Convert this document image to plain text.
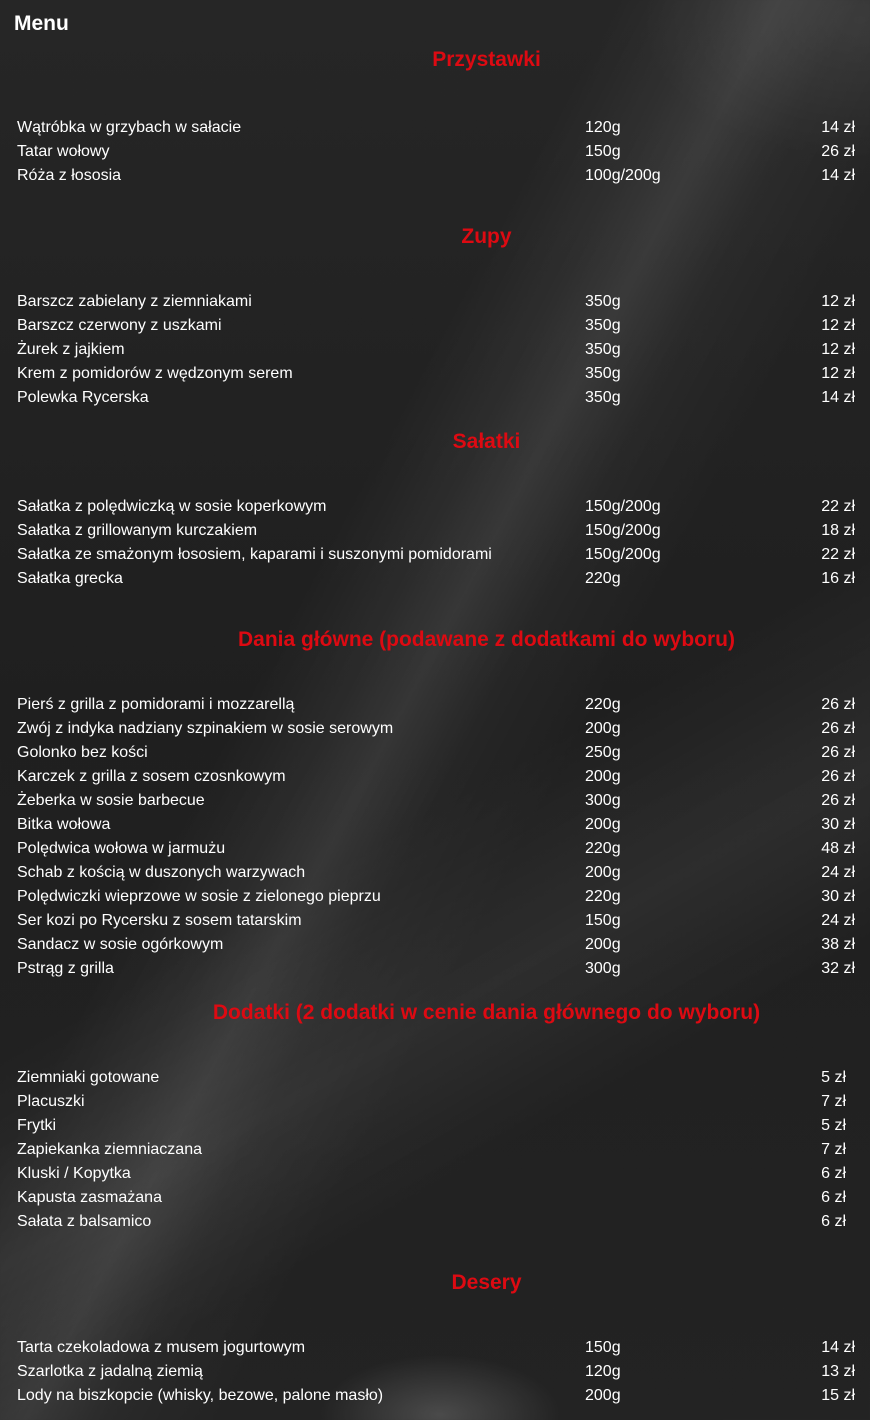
Menu
Przystawki
Wątróbka w grzybach w sałacie	120g	14 zł
Tatar wołowy	150g	26 zł
Róża z łososia	100g/200g	14 zł
Zupy
Barszcz zabielany z ziemniakami	350g	12 zł
Barszcz czerwony z uszkami	350g	12 zł
Żurek z jajkiem	350g	12 zł
Krem z pomidorów z wędzonym serem	350g	12 zł
Polewka Rycerska	350g	14 zł
Sałatki
Sałatka z polędwiczką w sosie koperkowym	150g/200g	22 zł
Sałatka z grillowanym kurczakiem	150g/200g	18 zł
Sałatka ze smażonym łososiem, kaparami i suszonymi pomidorami	150g/200g	22 zł
Sałatka grecka	220g	16 zł
Dania główne (podawane z dodatkami do wyboru)
Pierś z grilla z pomidorami i mozzarellą	220g	26 zł
Zwój z indyka nadziany szpinakiem w sosie serowym	200g	26 zł
Golonko bez kości	250g	26 zł
Karczek z grilla z sosem czosnkowym	200g	26 zł
Żeberka w sosie barbecue	300g	26 zł
Bitka wołowa	200g	30 zł
Polędwica wołowa w jarmużu	220g	48 zł
Schab z kością w duszonych warzywach	200g	24 zł
Polędwiczki wieprzowe w sosie z zielonego pieprzu	220g	30 zł
Ser kozi po Rycersku z sosem tatarskim	150g	24 zł
Sandacz w sosie ogórkowym	200g	38 zł
Pstrąg z grilla	300g	32 zł
Dodatki (2 dodatki w cenie dania głównego do wyboru)
Ziemniaki gotowane	5 zł
Placuszki	7 zł
Frytki	5 zł
Zapiekanka ziemniaczana	7 zł
Kluski / Kopytka	6 zł
Kapusta zasmażana	6 zł
Sałata z balsamico	6 zł
Desery
Tarta czekoladowa z musem jogurtowym	150g	14 zł
Szarlotka z jadalną ziemią	120g	13 zł
Lody na biszkopcie (whisky, bezowe, palone masło)	200g	15 zł
